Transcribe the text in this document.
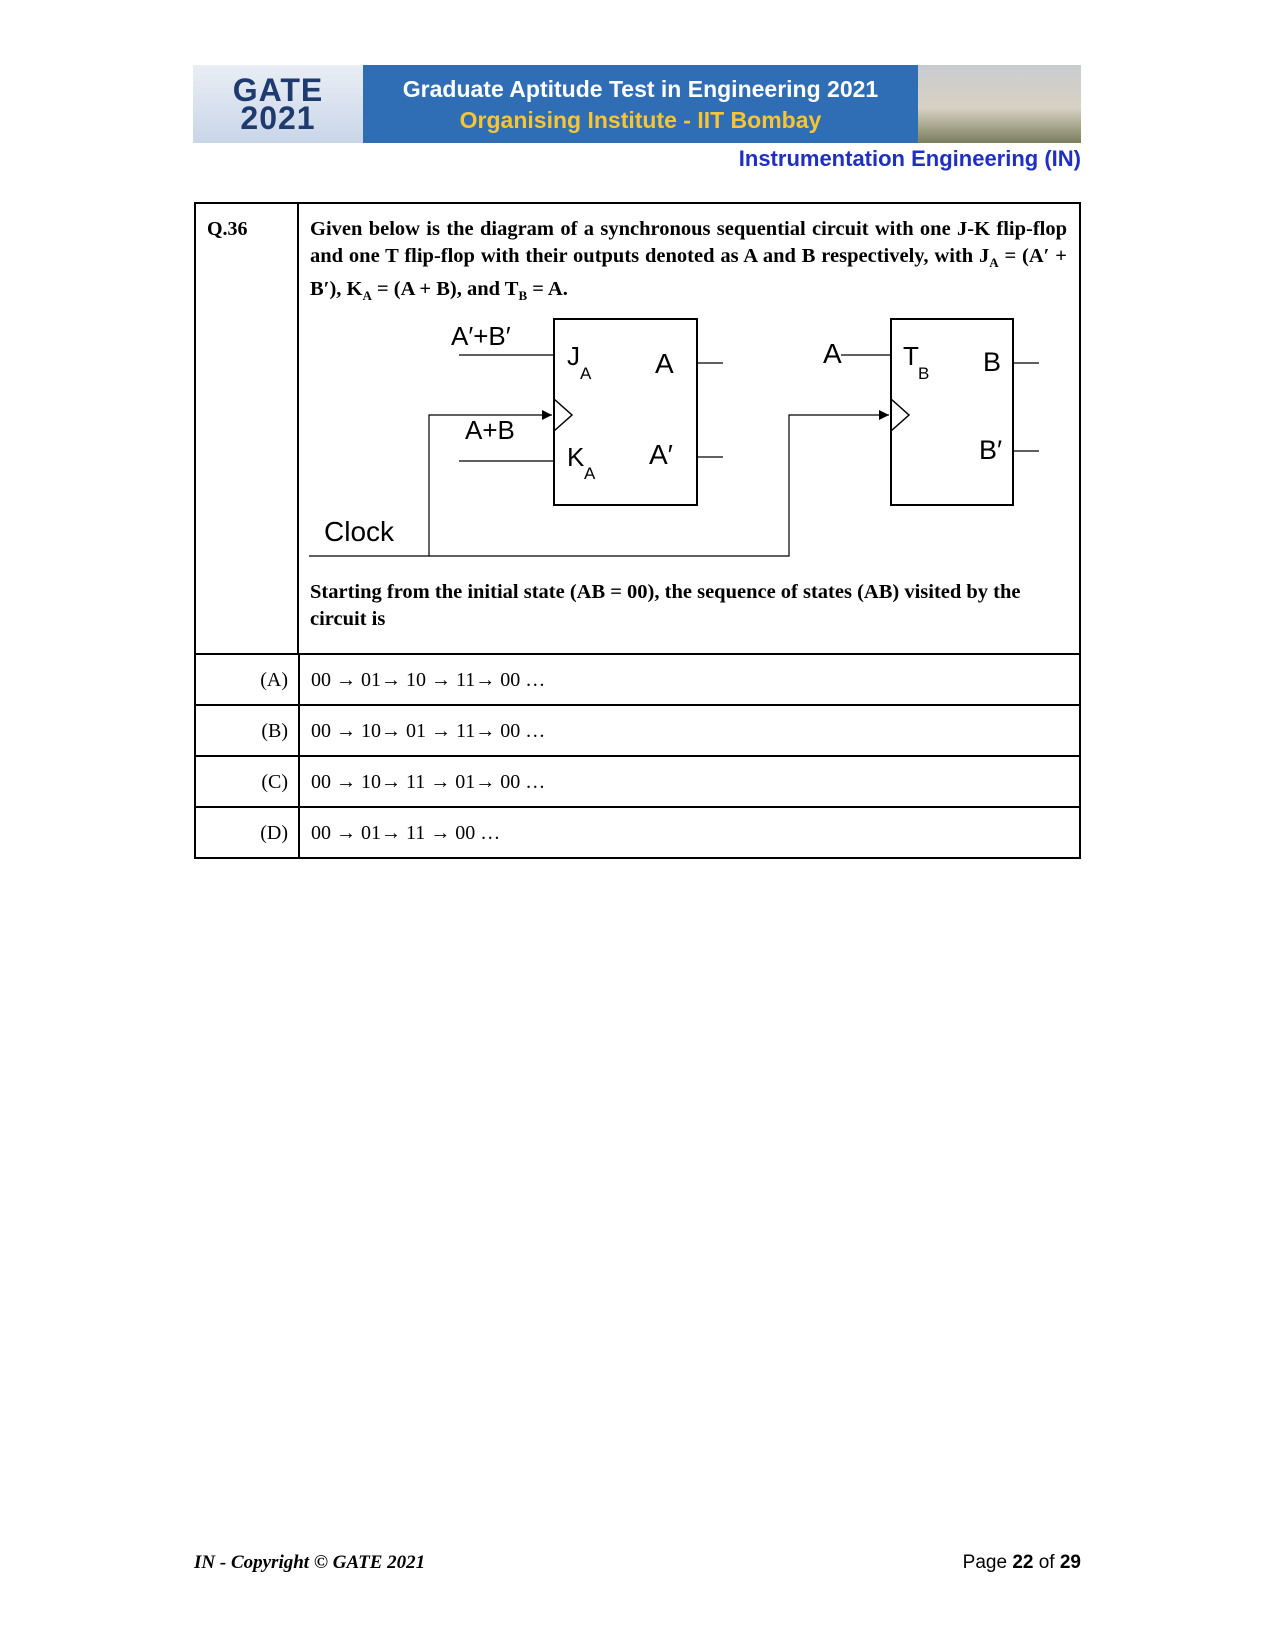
GATE
2021
Graduate Aptitude Test in Engineering 2021
Organising Institute - IIT Bombay
Instrumentation Engineering (IN)
Q.36	Given below is the diagram of a synchronous sequential circuit with one J-K flip-flop and one T flip-flop with their outputs denoted as A and B respectively, with $J_A = (A' + B')$, $K_A = (A + B)$, and $T_B = A$.
A′+B′
A+B
Clock
J
A
K
A
A
A′
A T
B B
B′
Starting from the initial state (AB = 00), the sequence of states (AB) visited by the circuit is
(A)	00 → 01→ 10 → 11→ 00 …
(B)	00 → 10→ 01 → 11→ 00 …
(C)	00 → 10→ 11 → 01→ 00 …
(D)	00 → 01→ 11 → 00 …
IN - Copyright © GATE 2021	Page 22 of 29
